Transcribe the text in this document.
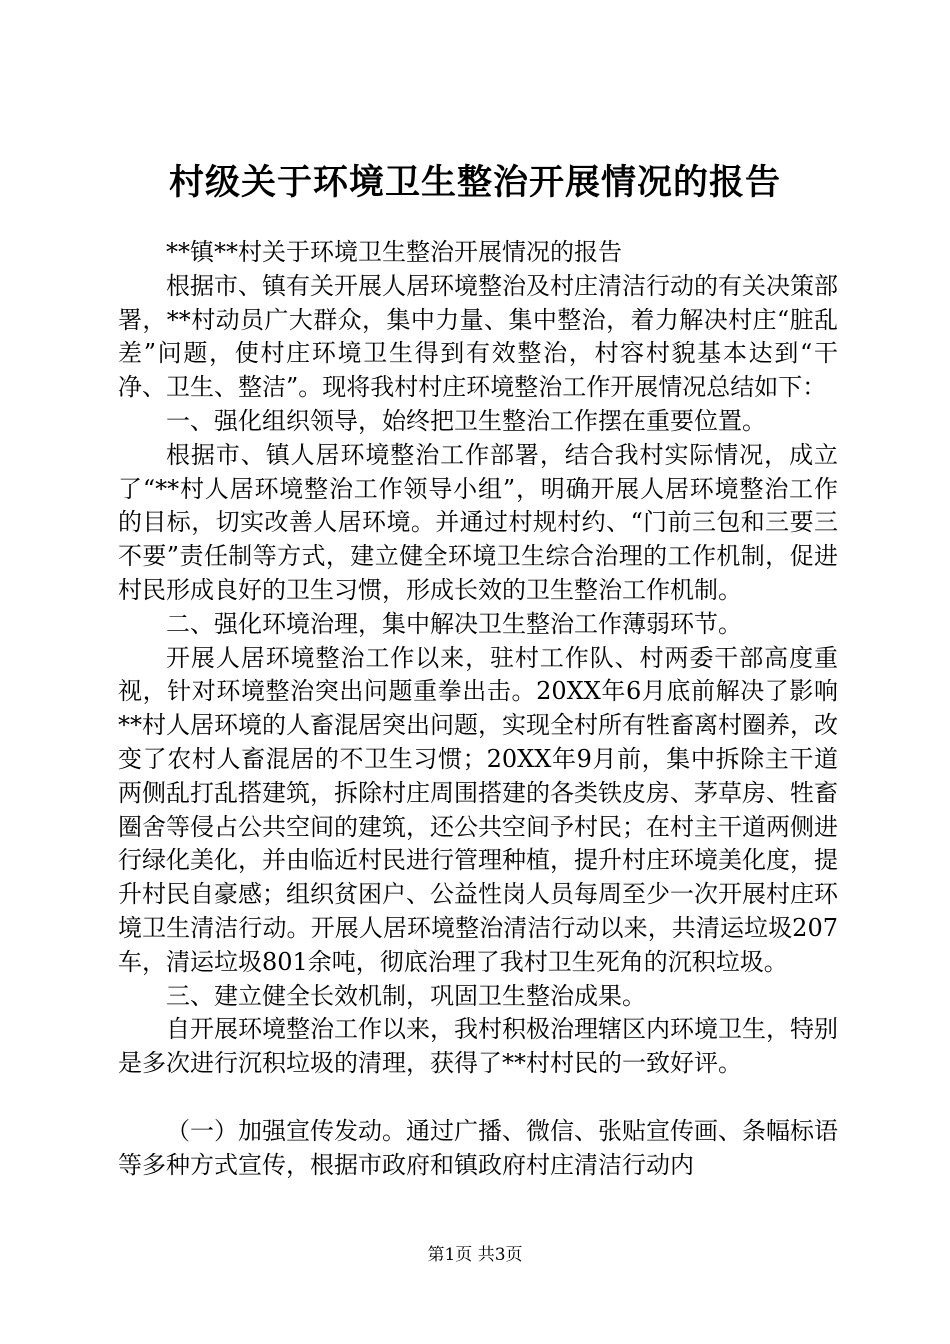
村级关于环境卫生整治开展情况的报告

**镇**村关于环境卫生整治开展情况的报告

根据市、镇有关开展人居环境整治及村庄清洁行动的有关决策部署，**村动员广大群众，集中力量、集中整治，着力解决村庄“脏乱差”问题，使村庄环境卫生得到有效整治，村容村貌基本达到“干净、卫生、整洁”。现将我村村庄环境整治工作开展情况总结如下：

一、强化组织领导，始终把卫生整治工作摆在重要位置。

根据市、镇人居环境整治工作部署，结合我村实际情况，成立了“**村人居环境整治工作领导小组”，明确开展人居环境整治工作的目标，切实改善人居环境。并通过村规村约、“门前三包和三要三不要”责任制等方式，建立健全环境卫生综合治理的工作机制，促进村民形成良好的卫生习惯，形成长效的卫生整治工作机制。

二、强化环境治理，集中解决卫生整治工作薄弱环节。

开展人居环境整治工作以来，驻村工作队、村两委干部高度重视，针对环境整治突出问题重拳出击。20XX年6月底前解决了影响**村人居环境的人畜混居突出问题，实现全村所有牲畜离村圈养，改变了农村人畜混居的不卫生习惯；20XX年9月前，集中拆除主干道两侧乱打乱搭建筑，拆除村庄周围搭建的各类铁皮房、茅草房、牲畜圈舍等侵占公共空间的建筑，还公共空间予村民；在村主干道两侧进行绿化美化，并由临近村民进行管理种植，提升村庄环境美化度，提升村民自豪感；组织贫困户、公益性岗人员每周至少一次开展村庄环境卫生清洁行动。开展人居环境整治清洁行动以来，共清运垃圾207车，清运垃圾801余吨，彻底治理了我村卫生死角的沉积垃圾。

三、建立健全长效机制，巩固卫生整治成果。

自开展环境整治工作以来，我村积极治理辖区内环境卫生，特别是多次进行沉积垃圾的清理，获得了**村村民的一致好评。

（一）加强宣传发动。通过广播、微信、张贴宣传画、条幅标语等多种方式宣传，根据市政府和镇政府村庄清洁行动内

第1页 共3页
